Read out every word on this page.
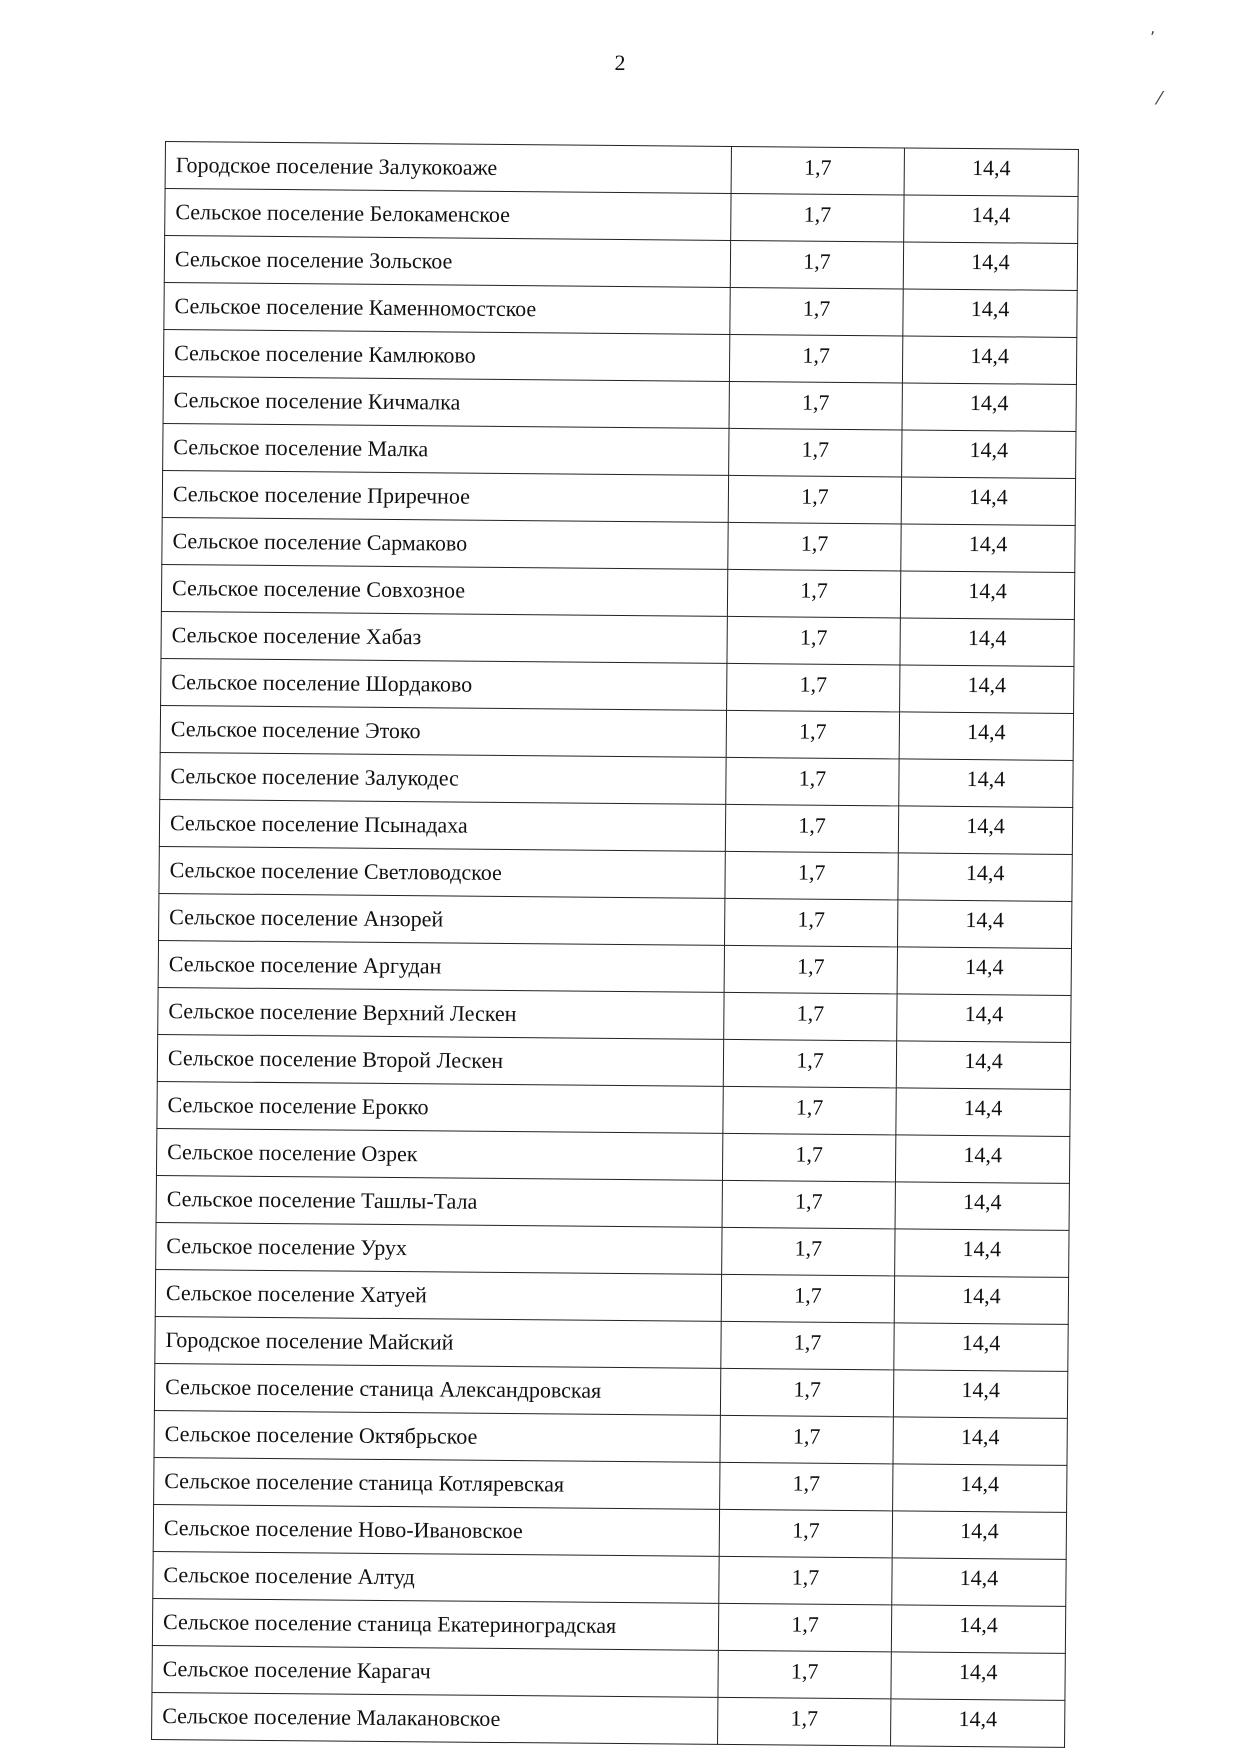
2
ʼ
⁄
Городское поселение Залукокоаже	1,7	14,4
Сельское поселение Белокаменское	1,7	14,4
Сельское поселение Зольское	1,7	14,4
Сельское поселение Каменномостское	1,7	14,4
Сельское поселение Камлюково	1,7	14,4
Сельское поселение Кичмалка	1,7	14,4
Сельское поселение Малка	1,7	14,4
Сельское поселение Приречное	1,7	14,4
Сельское поселение Сармаково	1,7	14,4
Сельское поселение Совхозное	1,7	14,4
Сельское поселение Хабаз	1,7	14,4
Сельское поселение Шордаково	1,7	14,4
Сельское поселение Этоко	1,7	14,4
Сельское поселение Залукодес	1,7	14,4
Сельское поселение Псынадаха	1,7	14,4
Сельское поселение Светловодское	1,7	14,4
Сельское поселение Анзорей	1,7	14,4
Сельское поселение Аргудан	1,7	14,4
Сельское поселение Верхний Лескен	1,7	14,4
Сельское поселение Второй Лескен	1,7	14,4
Сельское поселение Ерокко	1,7	14,4
Сельское поселение Озрек	1,7	14,4
Сельское поселение Ташлы-Тала	1,7	14,4
Сельское поселение Урух	1,7	14,4
Сельское поселение Хатуей	1,7	14,4
Городское поселение Майский	1,7	14,4
Сельское поселение станица Александровская	1,7	14,4
Сельское поселение Октябрьское	1,7	14,4
Сельское поселение станица Котляревская	1,7	14,4
Сельское поселение Ново-Ивановское	1,7	14,4
Сельское поселение Алтуд	1,7	14,4
Сельское поселение станица Екатериноградская	1,7	14,4
Сельское поселение Карагач	1,7	14,4
Сельское поселение Малакановское	1,7	14,4
